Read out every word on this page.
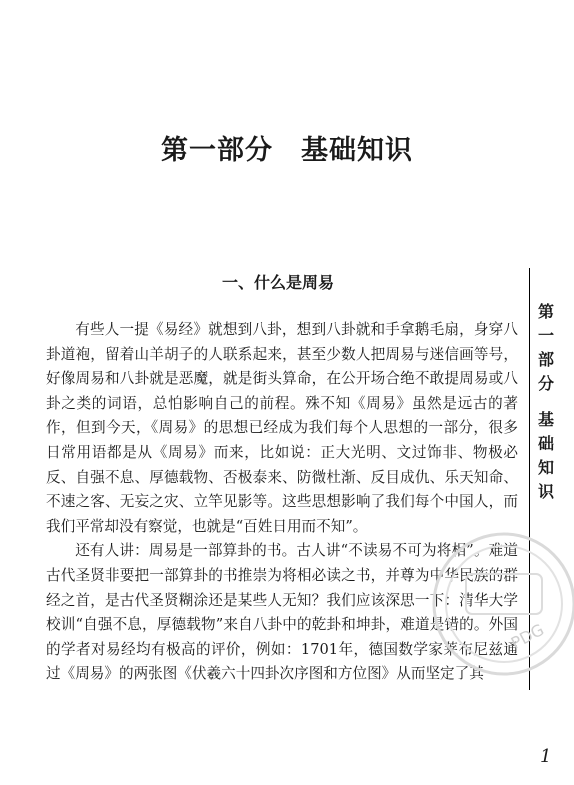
第一部分　基础知识
一、什么是周易

有些人一提《易经》就想到八卦，想到八卦就和手拿鹅毛扇，身穿八卦道袍，留着山羊胡子的人联系起来，甚至少数人把周易与迷信画等号，好像周易和八卦就是恶魔，就是街头算命，在公开场合绝不敢提周易或八卦之类的词语，总怕影响自己的前程。殊不知《周易》虽然是远古的著作，但到今天，《周易》的思想已经成为我们每个人思想的一部分，很多日常用语都是从《周易》而来，比如说：正大光明、文过饰非、物极必反、自强不息、厚德载物、否极泰来、防微杜渐、反目成仇、乐天知命、不速之客、无妄之灾、立竿见影等。这些思想影响了我们每个中国人，而我们平常却没有察觉，也就是“百姓日用而不知”。

还有人讲：周易是一部算卦的书。古人讲“不读易不可为将相”。难道古代圣贤非要把一部算卦的书推崇为将相必读之书，并尊为中华民族的群经之首，是古代圣贤糊涂还是某些人无知？我们应该深思一下：清华大学校训“自强不息，厚德载物”来自八卦中的乾卦和坤卦，难道是错的。外国的学者对易经均有极高的评价，例如：1701年，德国数学家莱布尼兹通过《周易》的两张图《伏羲六十四卦次序图和方位图》从而坚定了其

第
一
部
分
基
础
知
识
PDG
1
